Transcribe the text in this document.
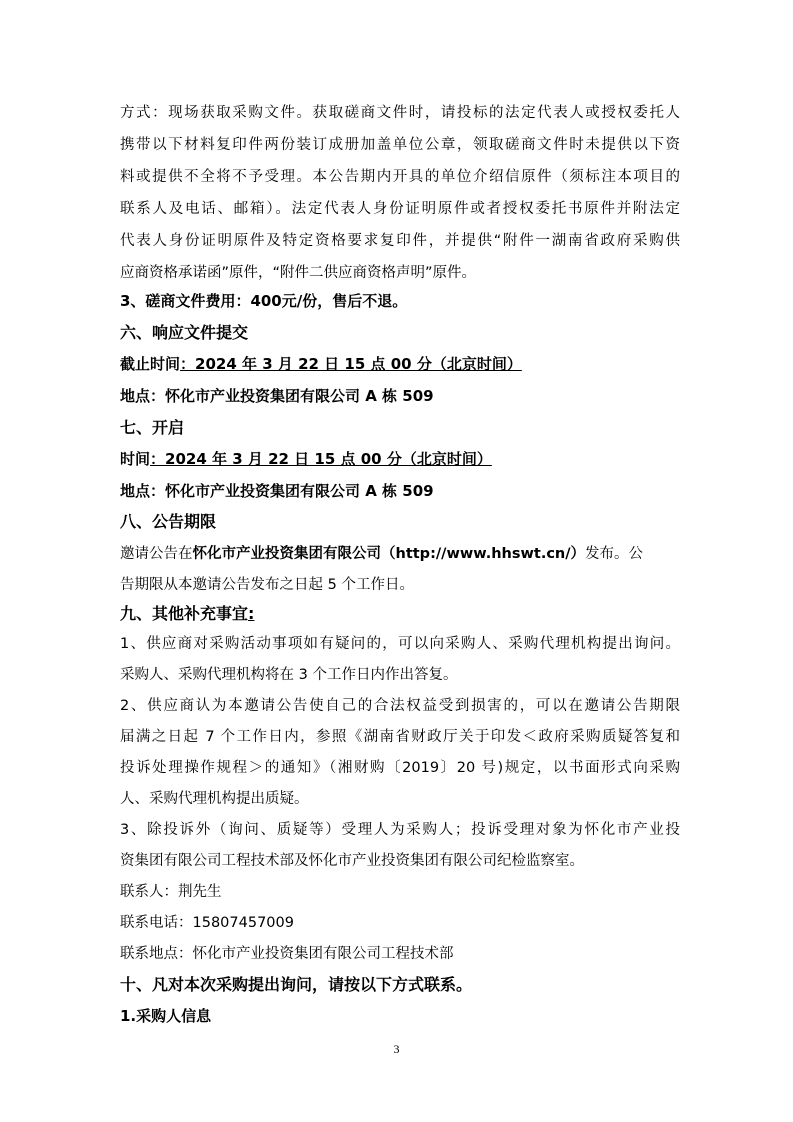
方式：现场获取采购文件。获取磋商文件时，请投标的法定代表人或授权委托人
携带以下材料复印件两份装订成册加盖单位公章，领取磋商文件时未提供以下资
料或提供不全将不予受理。本公告期内开具的单位介绍信原件（须标注本项目的
联系人及电话、邮箱）。法定代表人身份证明原件或者授权委托书原件并附法定
代表人身份证明原件及特定资格要求复印件，并提供“附件一湖南省政府采购供
应商资格承诺函”原件，“附件二供应商资格声明”原件。
3、磋商文件费用：400元/份，售后不退。
六、响应文件提交
截止时间：2024 年 3 月 22 日 15 点 00 分（北京时间）
地点：怀化市产业投资集团有限公司 A 栋 509
七、开启
时间：2024 年 3 月 22 日 15 点 00 分（北京时间）
地点：怀化市产业投资集团有限公司 A 栋 509
八、公告期限
邀请公告在怀化市产业投资集团有限公司（http://www.hhswt.cn/）发布。公
告期限从本邀请公告发布之日起 5 个工作日。
九、其他补充事宜:
1、供应商对采购活动事项如有疑问的，可以向采购人、采购代理机构提出询问。
采购人、采购代理机构将在 3 个工作日内作出答复。
2、供应商认为本邀请公告使自己的合法权益受到损害的，可以在邀请公告期限
届满之日起 7 个工作日内，参照《湖南省财政厅关于印发＜政府采购质疑答复和
投诉处理操作规程＞的通知》（湘财购〔2019〕20 号)规定，以书面形式向采购
人、采购代理机构提出质疑。
3、除投诉外（询问、质疑等）受理人为采购人；投诉受理对象为怀化市产业投
资集团有限公司工程技术部及怀化市产业投资集团有限公司纪检监察室。
联系人：荆先生
联系电话：15807457009
联系地点：怀化市产业投资集团有限公司工程技术部
十、凡对本次采购提出询问，请按以下方式联系。
1.采购人信息
3
